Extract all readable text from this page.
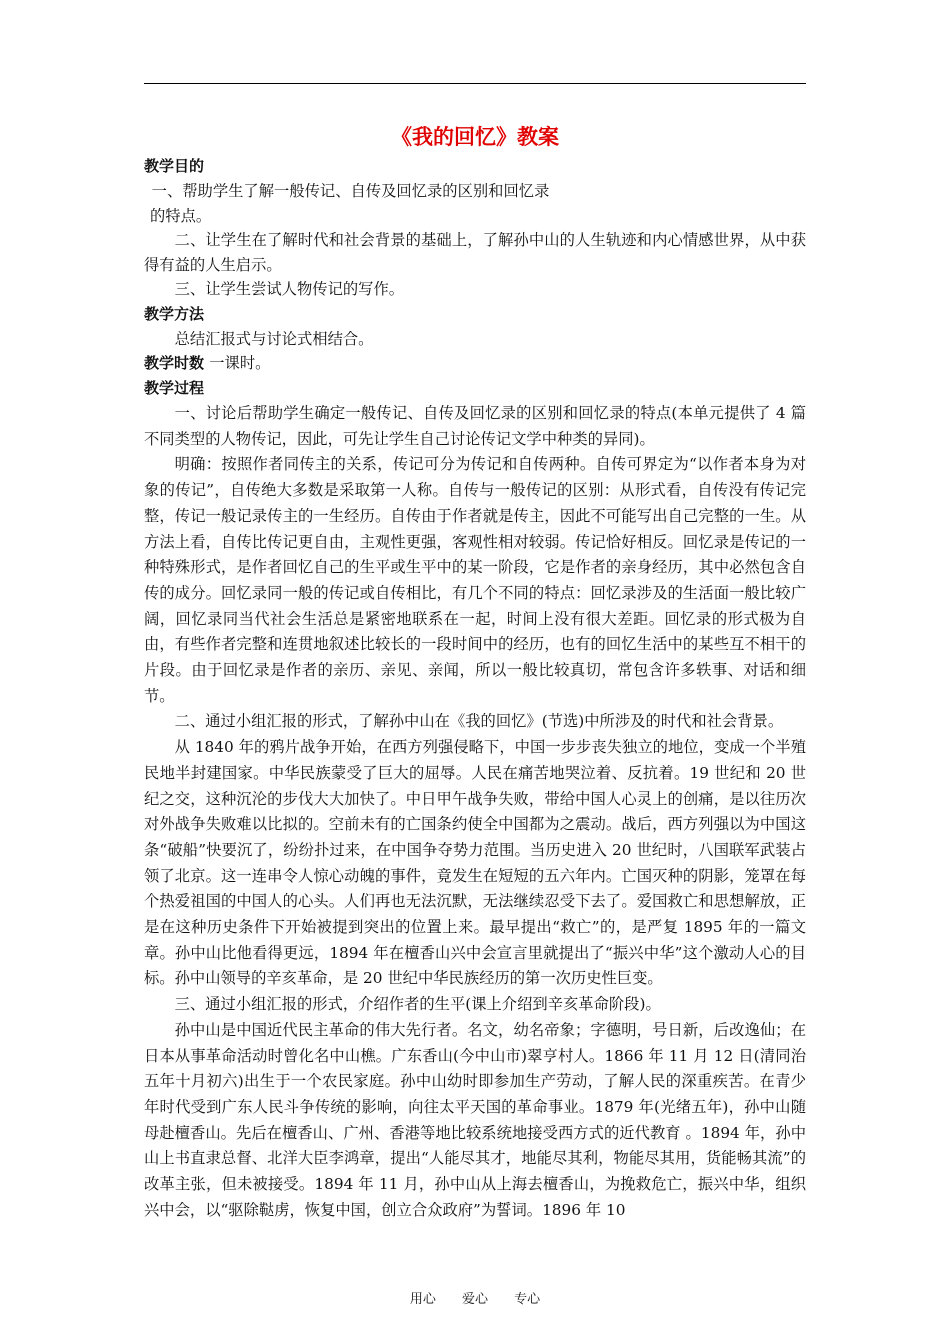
《我的回忆》教案
教学目的

一、帮助学生了解一般传记、自传及回忆录的区别和回忆录

的特点。

二、让学生在了解时代和社会背景的基础上，了解孙中山的人生轨迹和内心情感世界，从中获得有益的人生启示。

三、让学生尝试人物传记的写作。

教学方法

总结汇报式与讨论式相结合。

教学时数 一课时。
教学过程

一、讨论后帮助学生确定一般传记、自传及回忆录的区别和回忆录的特点(本单元提供了 4 篇不同类型的人物传记，因此，可先让学生自己讨论传记文学中种类的异同)。

明确：按照作者同传主的关系，传记可分为传记和自传两种。自传可界定为“以作者本身为对象的传记”，自传绝大多数是采取第一人称。自传与一般传记的区别：从形式看，自传没有传记完整，传记一般记录传主的一生经历。自传由于作者就是传主，因此不可能写出自己完整的一生。从方法上看，自传比传记更自由，主观性更强，客观性相对较弱。传记恰好相反。回忆录是传记的一种特殊形式，是作者回忆自己的生平或生平中的某一阶段，它是作者的亲身经历，其中必然包含自传的成分。回忆录同一般的传记或自传相比，有几个不同的特点：回忆录涉及的生活面一般比较广阔，回忆录同当代社会生活总是紧密地联系在一起，时间上没有很大差距。回忆录的形式极为自由，有些作者完整和连贯地叙述比较长的一段时间中的经历，也有的回忆生活中的某些互不相干的片段。由于回忆录是作者的亲历、亲见、亲闻，所以一般比较真切，常包含许多轶事、对话和细节。

二、通过小组汇报的形式，了解孙中山在《我的回忆》(节选)中所涉及的时代和社会背景。

从 1840 年的鸦片战争开始，在西方列强侵略下，中国一步步丧失独立的地位，变成一个半殖民地半封建国家。中华民族蒙受了巨大的屈辱。人民在痛苦地哭泣着、反抗着。19 世纪和 20 世纪之交，这种沉沦的步伐大大加快了。中日甲午战争失败，带给中国人心灵上的创痛，是以往历次对外战争失败难以比拟的。空前未有的亡国条约使全中国都为之震动。战后，西方列强以为中国这条“破船”快要沉了，纷纷扑过来，在中国争夺势力范围。当历史进入 20 世纪时，八国联军武装占领了北京。这一连串令人惊心动魄的事件，竟发生在短短的五六年内。亡国灭种的阴影，笼罩在每个热爱祖国的中国人的心头。人们再也无法沉默，无法继续忍受下去了。爱国救亡和思想解放，正是在这种历史条件下开始被提到突出的位置上来。最早提出“救亡”的，是严复 1895 年的一篇文章。孙中山比他看得更远，1894 年在檀香山兴中会宣言里就提出了“振兴中华”这个激动人心的目标。孙中山领导的辛亥革命，是 20 世纪中华民族经历的第一次历史性巨变。

三、通过小组汇报的形式，介绍作者的生平(课上介绍到辛亥革命阶段)。

孙中山是中国近代民主革命的伟大先行者。名文，幼名帝象；字德明，号日新，后改逸仙；在日本从事革命活动时曾化名中山樵。广东香山(今中山市)翠亨村人。1866 年 11 月 12 日(清同治五年十月初六)出生于一个农民家庭。孙中山幼时即参加生产劳动，了解人民的深重疾苦。在青少年时代受到广东人民斗争传统的影响，向往太平天国的革命事业。1879 年(光绪五年)，孙中山随母赴檀香山。先后在檀香山、广州、香港等地比较系统地接受西方式的近代教育 。1894 年，孙中山上书直隶总督、北洋大臣李鸿章，提出“人能尽其才，地能尽其利，物能尽其用，货能畅其流”的改革主张，但未被接受。1894 年 11 月，孙中山从上海去檀香山，为挽救危亡，振兴中华，组织兴中会，以“驱除鞑虏，恢复中国，创立合众政府”为誓词。1896 年 10

用心 爱心 专心
